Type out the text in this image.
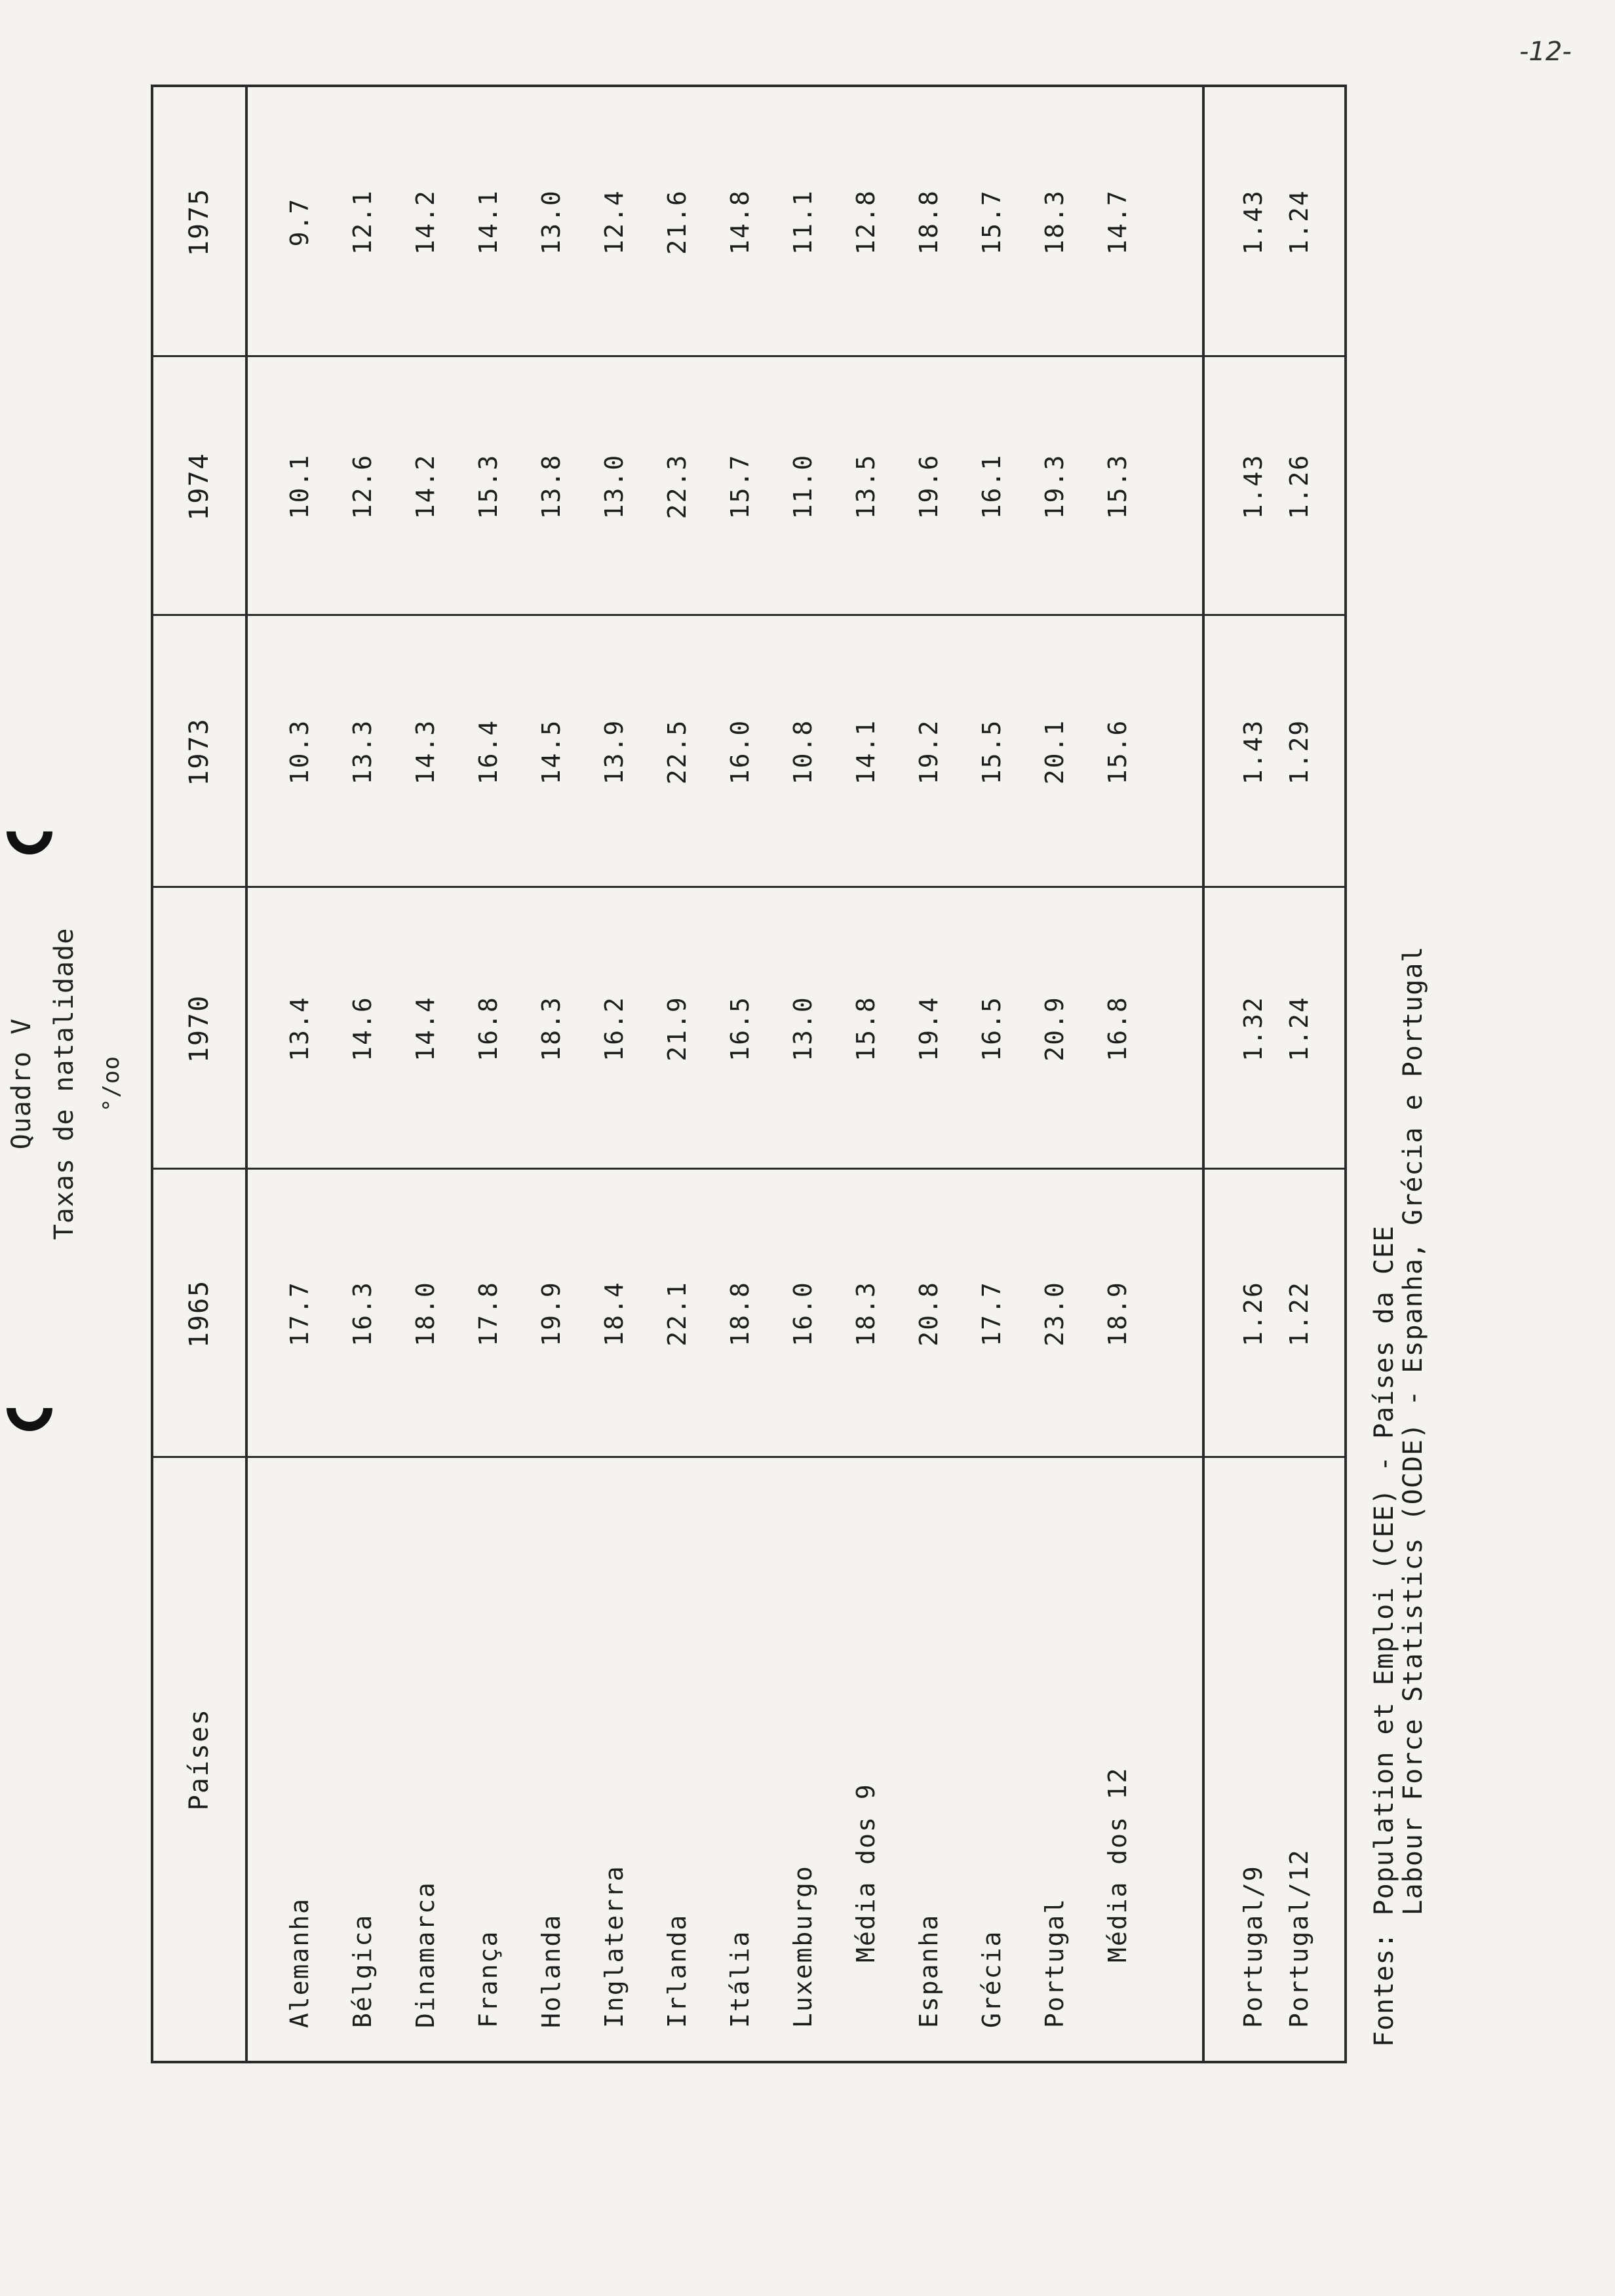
-12-
Quadro V Taxas de natalidade °/oo
Países
1965
1970
1973
1974
1975
Alemanha
17.7
13.4
10.3
10.1
9.7
Bélgica
16.3
14.6
13.3
12.6
12.1
Dinamarca
18.0
14.4
14.3
14.2
14.2
França
17.8
16.8
16.4
15.3
14.1
Holanda
19.9
18.3
14.5
13.8
13.0
Inglaterra
18.4
16.2
13.9
13.0
12.4
Irlanda
22.1
21.9
22.5
22.3
21.6
Itália
18.8
16.5
16.0
15.7
14.8
Luxemburgo
16.0
13.0
10.8
11.0
11.1
Média dos 9
18.3
15.8
14.1
13.5
12.8
Espanha
20.8
19.4
19.2
19.6
18.8
Grécia
17.7
16.5
15.5
16.1
15.7
Portugal
23.0
20.9
20.1
19.3
18.3
Média dos 12
18.9
16.8
15.6
15.3
14.7
Portugal/9
1.26
1.32
1.43
1.43
1.43
Portugal/12
1.22
1.24
1.29
1.26
1.24
Fontes: Population et Emploi (CEE) - Países da CEE
Labour Force Statistics (OCDE) - Espanha, Grécia e Portugal
